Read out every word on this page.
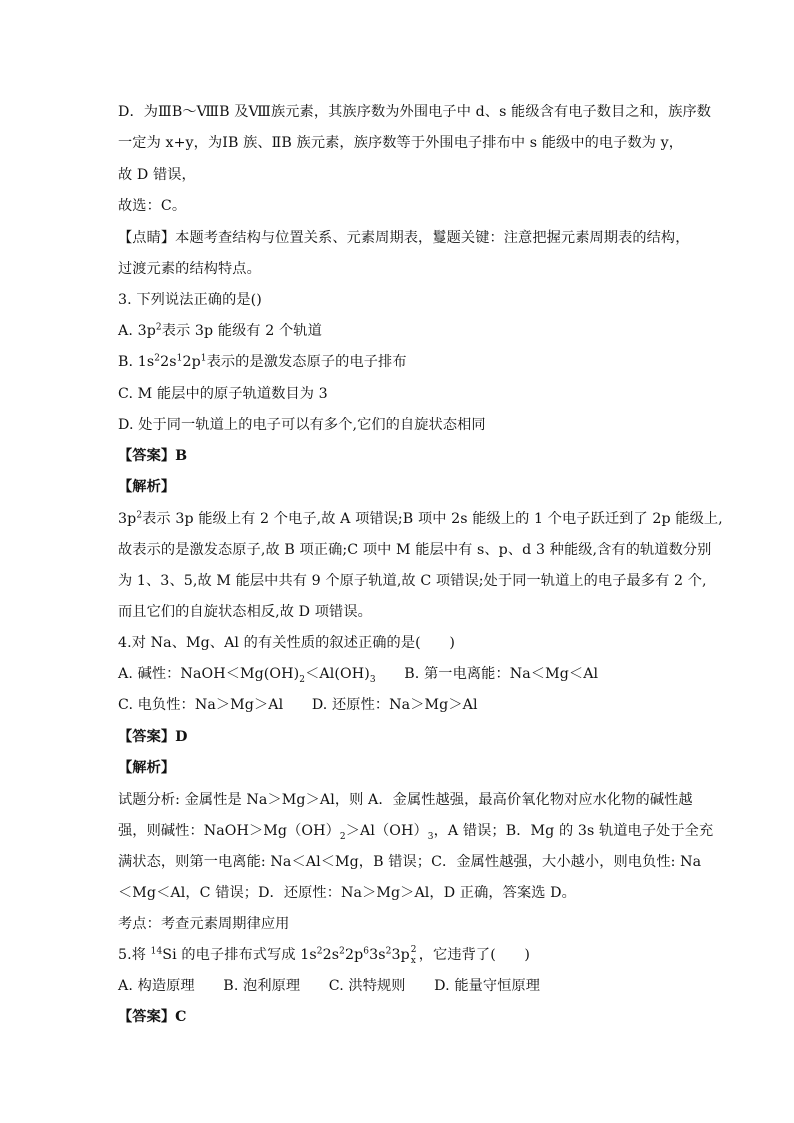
D．为ⅢB～ⅧB 及Ⅷ族元素，其族序数为外围电子中 d、s 能级含有电子数目之和，族序数
一定为 x+y，为ⅠB 族、ⅡB 族元素，族序数等于外围电子排布中 s 能级中的电子数为 y，
故 D 错误，
故选：C。
【点睛】本题考查结构与位置关系、元素周期表，鬘题关键：注意把握元素周期表的结构，
过渡元素的结构特点。
3. 下列说法正确的是()
A. $3p^2$表示 3p 能级有 2 个轨道
B. $1s^22s^12p^1$表示的是激发态原子的电子排布
C. M 能层中的原子轨道数目为 3
D. 处于同一轨道上的电子可以有多个,它们的自旋状态相同
【答案】B
【解析】
$3p^2$表示 3p 能级上有 2 个电子,故 A 项错误;B 项中 2s 能级上的 1 个电子跃迁到了 2p 能级上,
故表示的是激发态原子,故 B 项正确;C 项中 M 能层中有 s、p、d 3 种能级,含有的轨道数分别
为 1、3、5,故 M 能层中共有 9 个原子轨道,故 C 项错误;处于同一轨道上的电子最多有 2 个,
而且它们的自旋状态相反,故 D 项错误。
4.对 Na、Mg、Al 的有关性质的叙述正确的是(　　)
A. 碱性：$NaOH<Mg(OH)_2<Al(OH)_3$　　B. 第一电离能：Na＜Mg＜Al
C. 电负性：Na＞Mg＞Al　　D. 还原性：Na＞Mg＞Al
【答案】D
【解析】
试题分析: 金属性是 Na＞Mg＞Al，则 A．金属性越强，最高价氧化物对应水化物的碱性越
强，则碱性：$NaOH>Mg(OH)_2>Al(OH)_3$，A 错误；B．Mg 的 3s 轨道电子处于全充
满状态，则第一电离能: Na＜Al＜Mg，B 错误；C．金属性越强，大小越小，则电负性: Na
＜Mg＜Al，C 错误；D．还原性：Na＞Mg＞Al，D 正确，答案选 D。
考点：考查元素周期律应用
5.将 $^{14}$Si 的电子排布式写成 $1s^22s^22p^63s^23p$ 2
x ，它违背了(　　)
A. 构造原理　　B. 泡利原理　　C. 洪特规则　　D. 能量守恒原理
【答案】C
